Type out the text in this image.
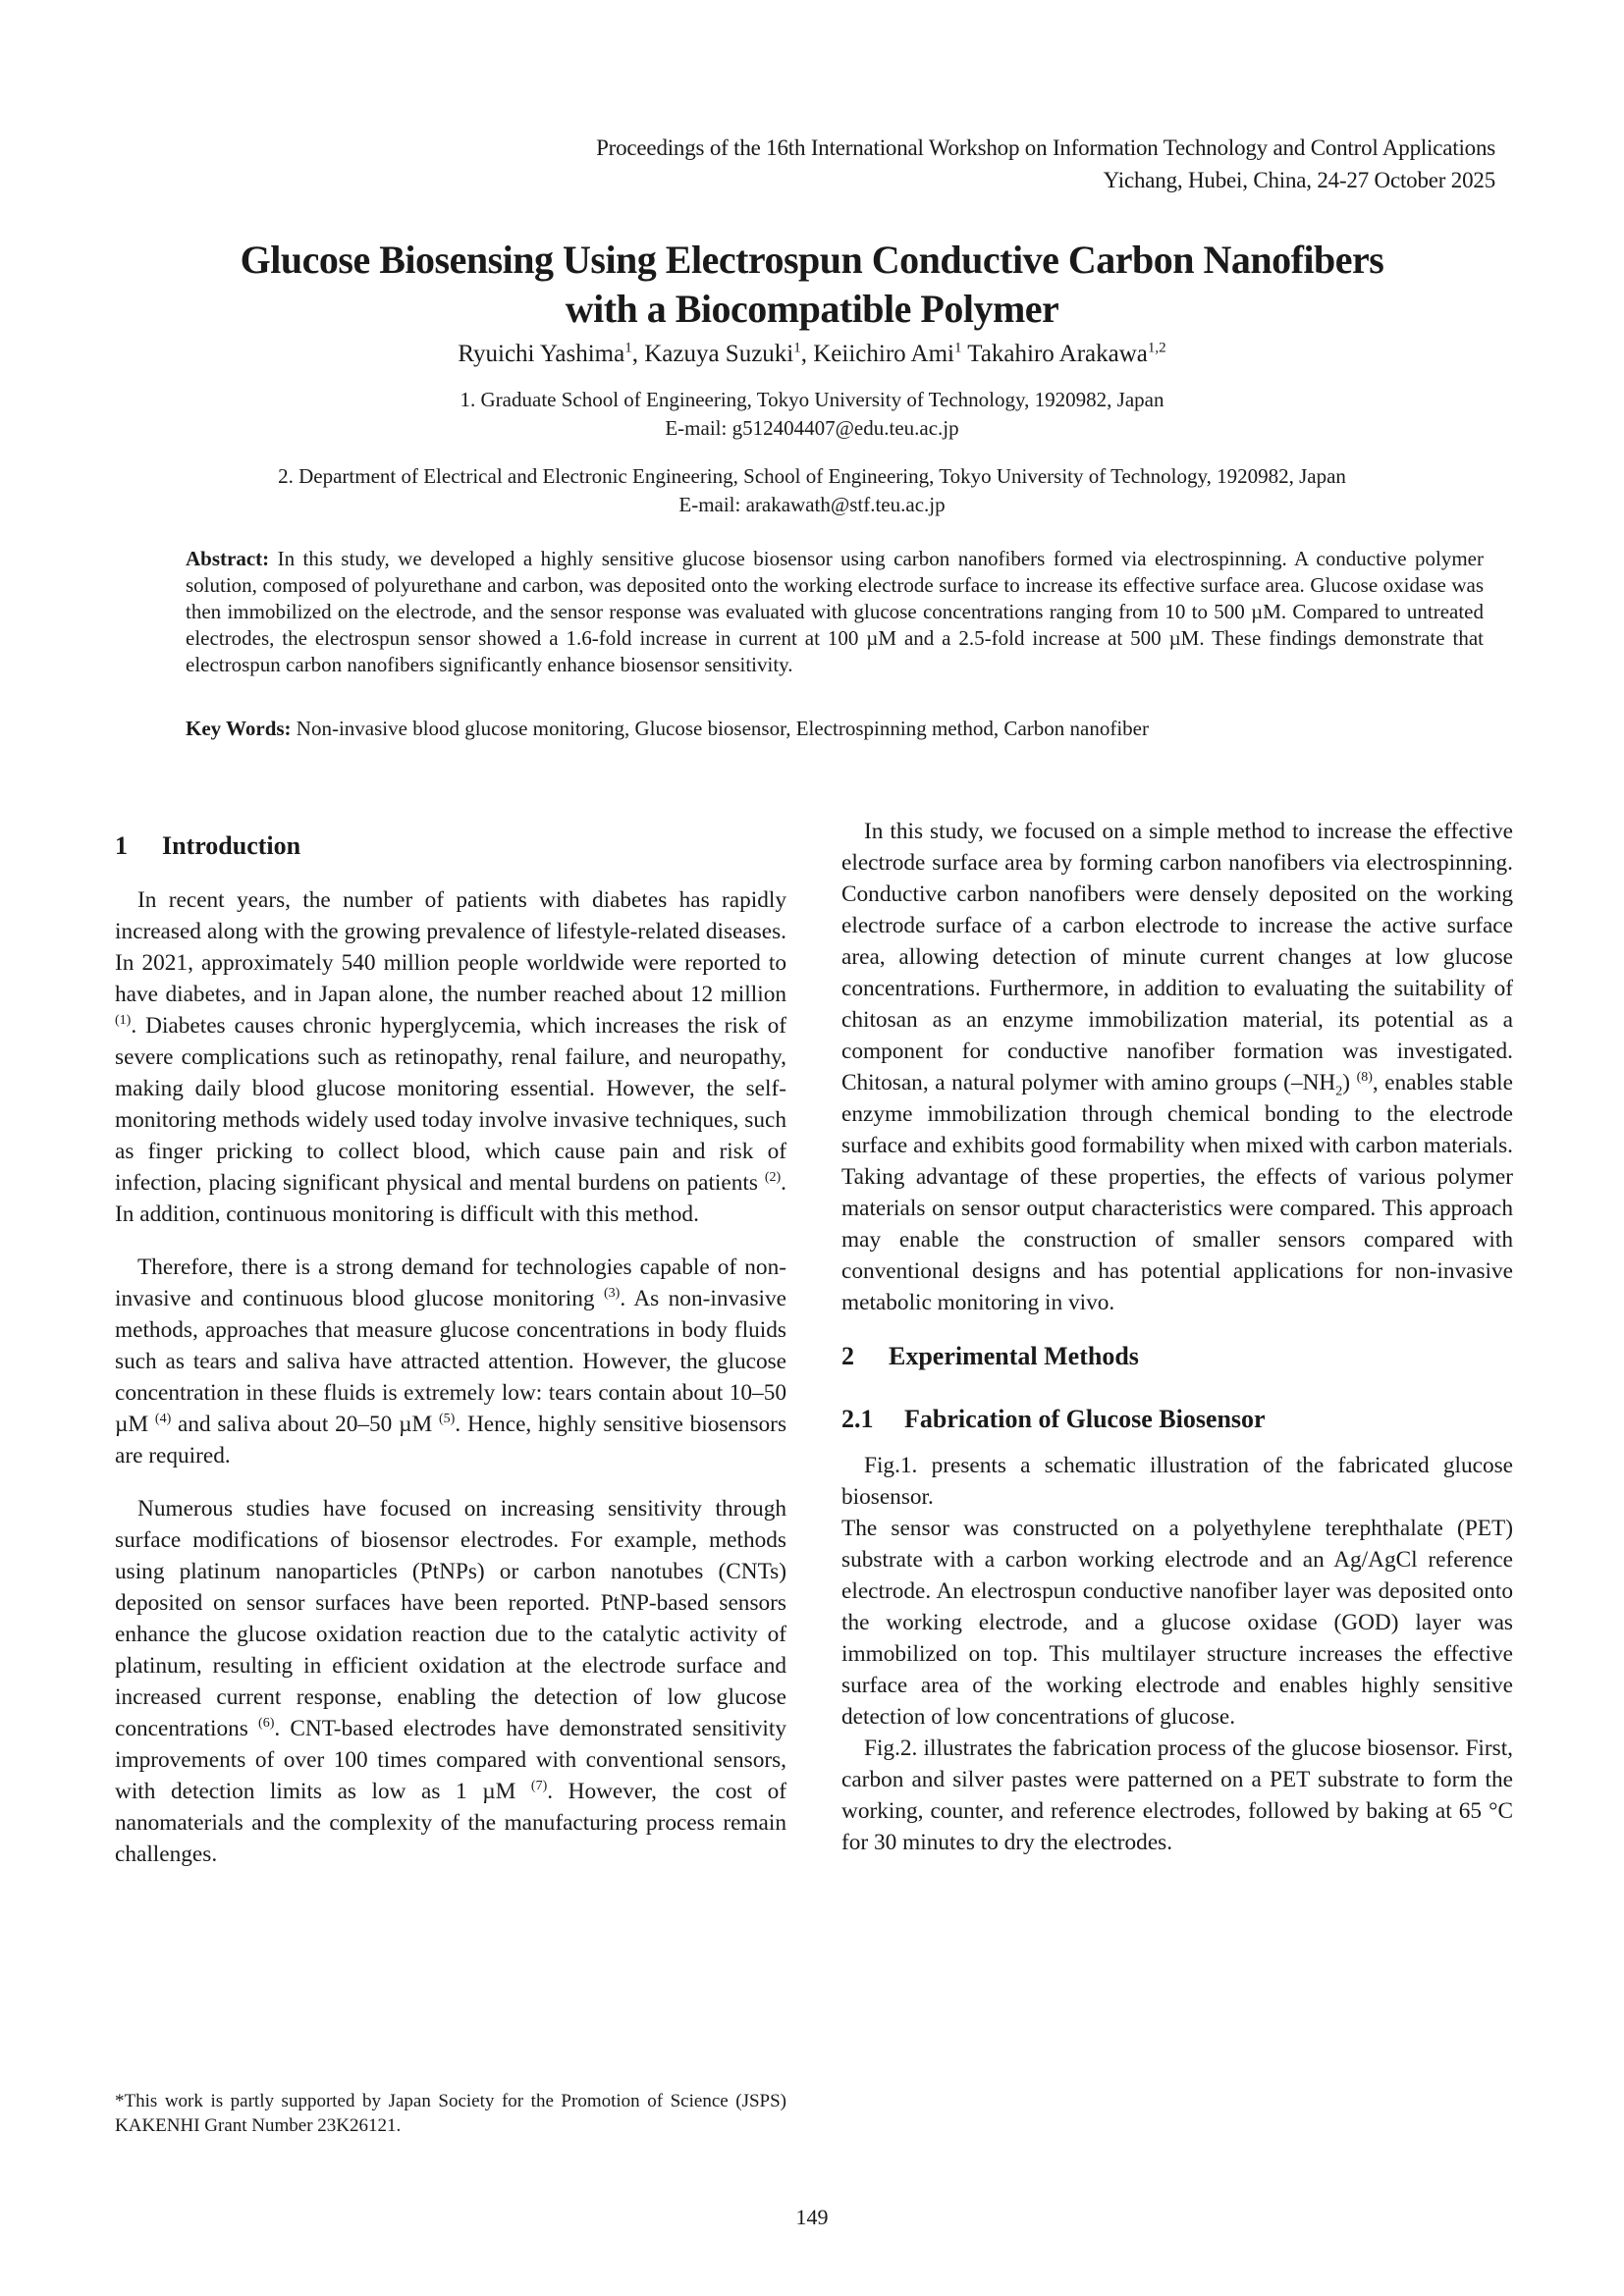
Proceedings of the 16th International Workshop on Information Technology and Control Applications
Yichang, Hubei, China, 24-27 October 2025
Glucose Biosensing Using Electrospun Conductive Carbon Nanofibers
with a Biocompatible Polymer
Ryuichi Yashima$^1$, Kazuya Suzuki$^1$, Keiichiro Ami$^1$ Takahiro Arakawa$^{1,2}$
1. Graduate School of Engineering, Tokyo University of Technology, 1920982, Japan
E-mail: g512404407@edu.teu.ac.jp
2. Department of Electrical and Electronic Engineering, School of Engineering, Tokyo University of Technology, 1920982, Japan
E-mail: arakawath@stf.teu.ac.jp
Abstract: In this study, we developed a highly sensitive glucose biosensor using carbon nanofibers formed via electrospinning. A conductive polymer solution, composed of polyurethane and carbon, was deposited onto the working electrode surface to increase its effective surface area. Glucose oxidase was then immobilized on the electrode, and the sensor response was evaluated with glucose concentrations ranging from 10 to 500 µM. Compared to untreated electrodes, the electrospun sensor showed a 1.6-fold increase in current at 100 µM and a 2.5-fold increase at 500 µM. These findings demonstrate that electrospun carbon nanofibers significantly enhance biosensor sensitivity.
Key Words: Non-invasive blood glucose monitoring, Glucose biosensor, Electrospinning method, Carbon nanofiber
1 Introduction

In recent years, the number of patients with diabetes has rapidly increased along with the growing prevalence of lifestyle-related diseases. In 2021, approximately 540 million people worldwide were reported to have diabetes, and in Japan alone, the number reached about 12 million $^{(1)}$. Diabetes causes chronic hyperglycemia, which increases the risk of severe complications such as retinopathy, renal failure, and neuropathy, making daily blood glucose monitoring essential. However, the self-monitoring methods widely used today involve invasive techniques, such as finger pricking to collect blood, which cause pain and risk of infection, placing significant physical and mental burdens on patients $^{(2)}$. In addition, continuous monitoring is difficult with this method.

Therefore, there is a strong demand for technologies capable of non-invasive and continuous blood glucose monitoring $^{(3)}$. As non-invasive methods, approaches that measure glucose concentrations in body fluids such as tears and saliva have attracted attention. However, the glucose concentration in these fluids is extremely low: tears contain about 10–50 µM $^{(4)}$ and saliva about 20–50 µM $^{(5)}$. Hence, highly sensitive biosensors are required.

Numerous studies have focused on increasing sensitivity through surface modifications of biosensor electrodes. For example, methods using platinum nanoparticles (PtNPs) or carbon nanotubes (CNTs) deposited on sensor surfaces have been reported. PtNP-based sensors enhance the glucose oxidation reaction due to the catalytic activity of platinum, resulting in efficient oxidation at the electrode surface and increased current response, enabling the detection of low glucose concentrations $^{(6)}$. CNT-based electrodes have demonstrated sensitivity improvements of over 100 times compared with conventional sensors, with detection limits as low as 1 µM $^{(7)}$. However, the cost of nanomaterials and the complexity of the manufacturing process remain challenges.

In this study, we focused on a simple method to increase the effective electrode surface area by forming carbon nanofibers via electrospinning. Conductive carbon nanofibers were densely deposited on the working electrode surface of a carbon electrode to increase the active surface area, allowing detection of minute current changes at low glucose concentrations. Furthermore, in addition to evaluating the suitability of chitosan as an enzyme immobilization material, its potential as a component for conductive nanofiber formation was investigated. Chitosan, a natural polymer with amino groups $(-NH_2)$ $^{(8)}$, enables stable enzyme immobilization through chemical bonding to the electrode surface and exhibits good formability when mixed with carbon materials. Taking advantage of these properties, the effects of various polymer materials on sensor output characteristics were compared. This approach may enable the construction of smaller sensors compared with conventional designs and has potential applications for non-invasive metabolic monitoring in vivo.

2 Experimental Methods
2.1 Fabrication of Glucose Biosensor

Fig.1. presents a schematic illustration of the fabricated glucose biosensor.

The sensor was constructed on a polyethylene terephthalate (PET) substrate with a carbon working electrode and an Ag/AgCl reference electrode. An electrospun conductive nanofiber layer was deposited onto the working electrode, and a glucose oxidase (GOD) layer was immobilized on top. This multilayer structure increases the effective surface area of the working electrode and enables highly sensitive detection of low concentrations of glucose.

Fig.2. illustrates the fabrication process of the glucose biosensor. First, carbon and silver pastes were patterned on a PET substrate to form the working, counter, and reference electrodes, followed by baking at 65 °C for 30 minutes to dry the electrodes.

*This work is partly supported by Japan Society for the Promotion of Science (JSPS) KAKENHI Grant Number 23K26121.
149
